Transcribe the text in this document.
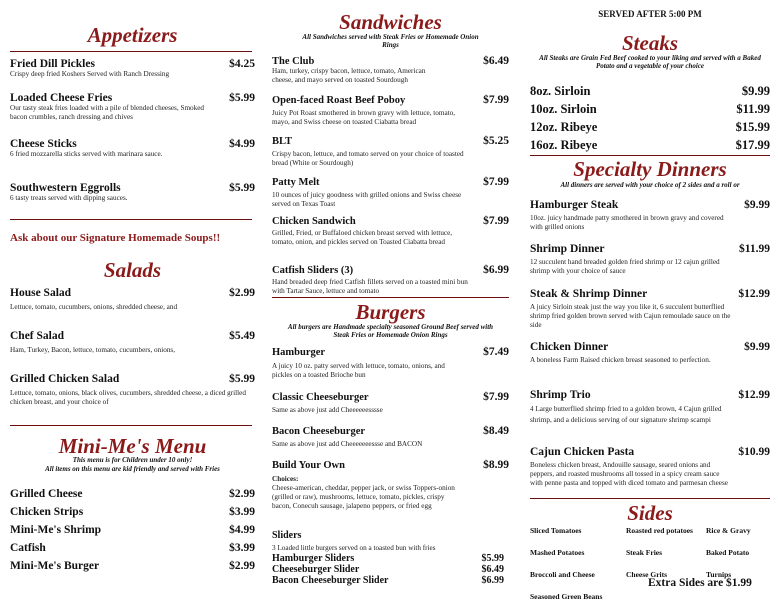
Appetizers
Fried Dill Pickles	$4.25
Crispy deep fried Koshers Served with Ranch Dressing
Loaded Cheese Fries	$5.99
Our tasty steak fries loaded with a pile of blended cheeses, Smoked bacon crumbles, ranch dressing and chives
Cheese Sticks	$4.99
6 fried mozzarella sticks served with marinara sauce.
Southwestern Eggrolls	$5.99
6 tasty treats served with dipping sauces.
Ask about our Signature Homemade Soups!!
Salads
House Salad	$2.99
Lettuce, tomato, cucumbers, onions, shredded cheese, and
Chef Salad	$5.49
Ham, Turkey, Bacon, lettuce, tomato, cucumbers, onions,
Grilled Chicken Salad	$5.99
Lettuce, tomato, onions, black olives, cucumbers, shredded cheese, a diced grilled chicken breast, and your choice of
Mini-Me's Menu
This menu is for Children under 10 only!
All items on this menu are kid friendly and served with Fries
Grilled Cheese	$2.99
Chicken Strips	$3.99
Mini-Me's Shrimp	$4.99
Catfish	$3.99
Mini-Me's Burger	$2.99
Sandwiches
All Sandwiches served with Steak Fries or Homemade Onion Rings
The Club	$6.49
Ham, turkey, crispy bacon, lettuce, tomato, American cheese, and mayo served on toasted Sourdough
Open-faced Roast Beef Poboy	$7.99
Juicy Pot Roast smothered in brown gravy with lettuce, tomato, mayo, and Swiss cheese on toasted Ciabatta bread
BLT	$5.25
Crispy bacon, lettuce, and tomato served on your choice of toasted bread (White or Sourdough)
Patty Melt	$7.99
10 ounces of juicy goodness with grilled onions and Swiss cheese served on Texas Toast
Chicken Sandwich	$7.99
Grilled, Fried, or Buffaloed chicken breast served with lettuce, tomato, onion, and pickles served on Toasted Ciabatta bread
Catfish Sliders (3)	$6.99
Hand breaded deep fried Catfish fillets served on a toasted mini bun with Tartar Sauce, lettuce and tomato
Burgers
All burgers are Handmade specialty seasoned Ground Beef served with Steak Fries or Homemade Onion Rings
Hamburger	$7.49
A juicy 10 oz. patty served with lettuce, tomato, onions, and pickles on a toasted Brioche bun
Classic Cheeseburger	$7.99
Same as above just add Cheeeeeesssse
Bacon Cheeseburger	$8.49
Same as above just add Cheeeeeeessse and BACON
Build Your Own	$8.99
Choices:
Cheese-american, cheddar, pepper jack, or swiss Toppers-onion (grilled or raw), mushrooms, lettuce, tomato, pickles, crispy bacon, Conecuh sausage, jalapeno peppers, or fried egg
Sliders
3 Loaded little burgers served on a toasted bun with fries
Hamburger Sliders	$5.99
Cheeseburger Slider	$6.49
Bacon Cheeseburger Slider	$6.99
SERVED AFTER 5:00 PM
Steaks
All Steaks are Grain Fed Beef cooked to your liking and served with a Baked Potato and a vegetable of your choice
8oz. Sirloin	$9.99
10oz. Sirloin	$11.99
12oz. Ribeye	$15.99
16oz. Ribeye	$17.99
Specialty Dinners
All dinners are served with your choice of 2 sides and a roll or
Hamburger Steak	$9.99
10oz. juicy handmade patty smothered in brown gravy and covered with grilled onions
Shrimp Dinner	$11.99
12 succulent hand breaded golden fried shrimp or 12 cajun grilled shrimp with your choice of sauce
Steak & Shrimp Dinner	$12.99
A juicy Sirloin steak just the way you like it, 6 succulent butterflied shrimp fried golden brown served with Cajun remoulade sauce on the side
Chicken Dinner	$9.99
A boneless Farm Raised chicken breast seasoned to perfection.
Shrimp Trio	$12.99
4 Large butterflied shrimp fried to a golden brown, 4 Cajun grilled shrimp, and a delicious serving of our signature shrimp scampi
Cajun Chicken Pasta	$10.99
Boneless chicken breast, Andouille sausage, seared onions and peppers, and roasted mushrooms all tossed in a spicy cream sauce with penne pasta and topped with diced tomato and parmesan cheese
Sides
Sliced Tomatoes	Roasted red potatoes	Rice & Gravy
Mashed Potatoes	Steak Fries	Baked Potato
Broccoli and Cheese	Cheese Grits	Turnips
Seasoned Green Beans
Extra Sides are $1.99
